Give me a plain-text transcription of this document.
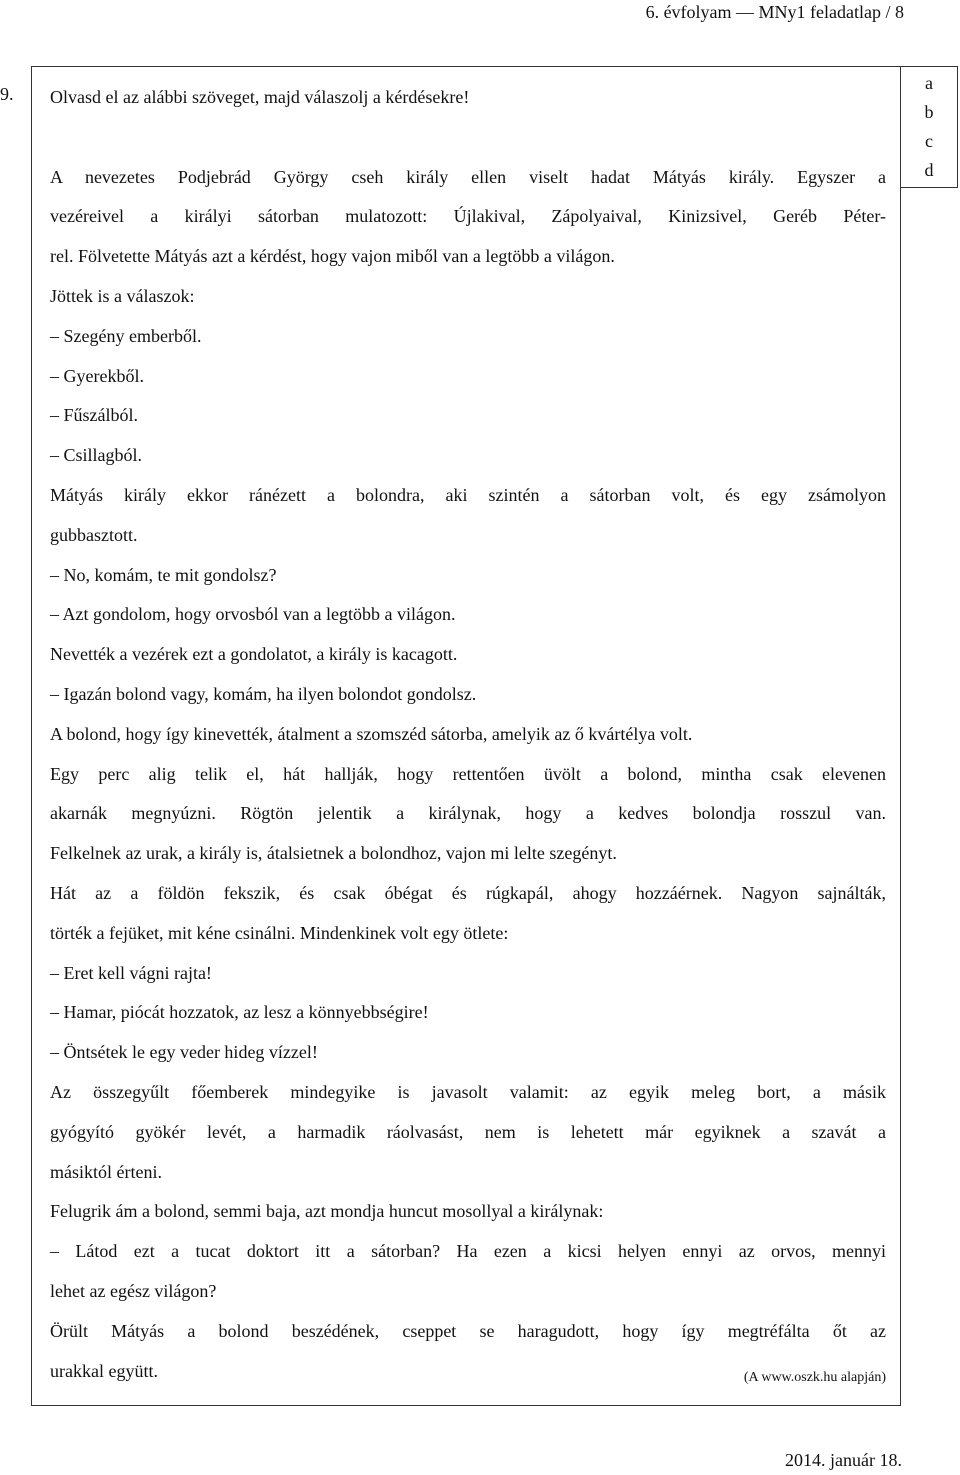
6. évfolyam — MNy1 feladatlap / 8
9.
a
b
c
d
Olvasd el az alábbi szöveget, majd válaszolj a kérdésekre!
A nevezetes Podjebrád György cseh király ellen viselt hadat Mátyás király. Egyszer a
vezéreivel a királyi sátorban mulatozott: Újlakival, Zápolyaival, Kinizsivel, Geréb Péter-
rel. Fölvetette Mátyás azt a kérdést, hogy vajon miből van a legtöbb a világon.
Jöttek is a válaszok:
– Szegény emberből.
– Gyerekből.
– Fűszálból.
– Csillagból.
Mátyás király ekkor ránézett a bolondra, aki szintén a sátorban volt, és egy zsámolyon
gubbasztott.
– No, komám, te mit gondolsz?
– Azt gondolom, hogy orvosból van a legtöbb a világon.
Nevették a vezérek ezt a gondolatot, a király is kacagott.
– Igazán bolond vagy, komám, ha ilyen bolondot gondolsz.
A bolond, hogy így kinevették, átalment a szomszéd sátorba, amelyik az ő kvártélya volt.
Egy perc alig telik el, hát hallják, hogy rettentően üvölt a bolond, mintha csak elevenen
akarnák megnyúzni. Rögtön jelentik a királynak, hogy a kedves bolondja rosszul van.
Felkelnek az urak, a király is, átalsietnek a bolondhoz, vajon mi lelte szegényt.
Hát az a földön fekszik, és csak óbégat és rúgkapál, ahogy hozzáérnek. Nagyon sajnálták,
törték a fejüket, mit kéne csinálni. Mindenkinek volt egy ötlete:
– Eret kell vágni rajta!
– Hamar, piócát hozzatok, az lesz a könnyebbségire!
– Öntsétek le egy veder hideg vízzel!
Az összegyűlt főemberek mindegyike is javasolt valamit: az egyik meleg bort, a másik
gyógyító gyökér levét, a harmadik ráolvasást, nem is lehetett már egyiknek a szavát a
másiktól érteni.
Felugrik ám a bolond, semmi baja, azt mondja huncut mosollyal a királynak:
– Látod ezt a tucat doktort itt a sátorban? Ha ezen a kicsi helyen ennyi az orvos, mennyi
lehet az egész világon?
Örült Mátyás a bolond beszédének, cseppet se haragudott, hogy így megtréfálta őt az
urakkal együtt.	(A www.oszk.hu alapján)
2014. január 18.
